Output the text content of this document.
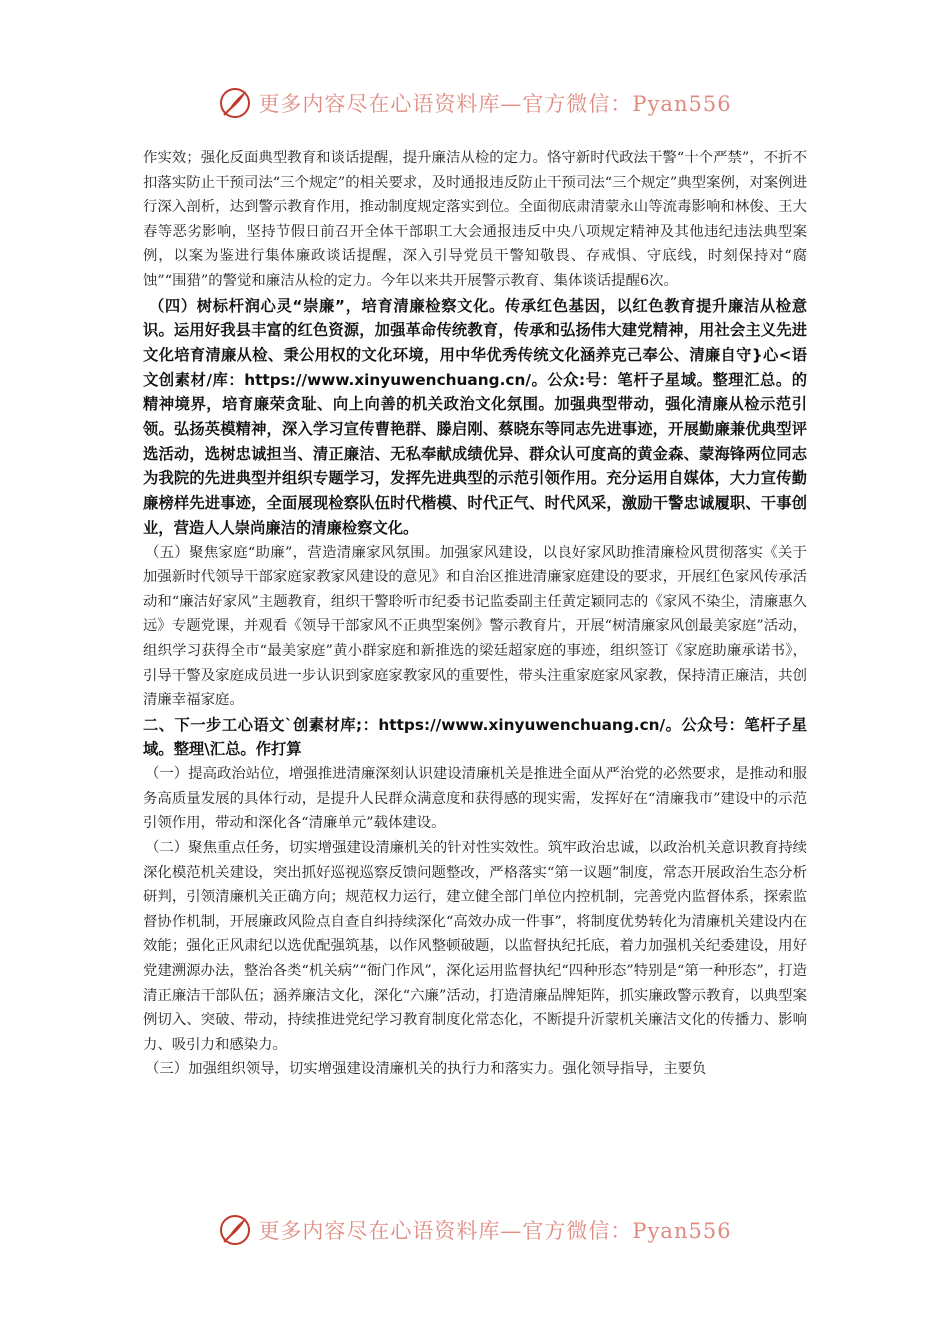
更多内容尽在心语资料库—官方微信：Pyan556

作实效；强化反面典型教育和谈话提醒，提升廉洁从检的定力。恪守新时代政法干警“十个严禁”，不折不扣落实防止干预司法“三个规定”的相关要求，及时通报违反防止干预司法“三个规定”典型案例，对案例进行深入剖析，达到警示教育作用，推动制度规定落实到位。全面彻底肃清蒙永山等流毒影响和林俊、王大春等恶劣影响，坚持节假日前召开全体干部职工大会通报违反中央八项规定精神及其他违纪违法典型案例，以案为鉴进行集体廉政谈话提醒，深入引导党员干警知敬畏、存戒惧、守底线，时刻保持对“腐蚀”“围猎”的警觉和廉洁从检的定力。今年以来共开展警示教育、集体谈话提醒6次。

（四）树标杆润心灵“崇廉”，培育清廉检察文化。传承红色基因，以红色教育提升廉洁从检意识。运用好我县丰富的红色资源，加强革命传统教育，传承和弘扬伟大建党精神，用社会主义先进文化培育清廉从检、秉公用权的文化环境，用中华优秀传统文化涵养克己奉公、清廉自守}心<语文创素材/库：https://www.xinyuwenchuang.cn/。公众:号：笔杆子星域。整理汇总。的精神境界，培育廉荣贪耻、向上向善的机关政治文化氛围。加强典型带动，强化清廉从检示范引领。弘扬英模精神，深入学习宣传曹艳群、滕启刚、蔡晓东等同志先进事迹，开展勤廉兼优典型评选活动，选树忠诚担当、清正廉洁、无私奉献成绩优异、群众认可度高的黄金森、蒙海锋两位同志为我院的先进典型并组织专题学习，发挥先进典型的示范引领作用。充分运用自媒体，大力宣传勤廉榜样先进事迹，全面展现检察队伍时代楷模、时代正气、时代风采，激励干警忠诚履职、干事创业，营造人人崇尚廉洁的清廉检察文化。

（五）聚焦家庭“助廉”，营造清廉家风氛围。加强家风建设，以良好家风助推清廉检风贯彻落实《关于加强新时代领导干部家庭家教家风建设的意见》和自治区推进清廉家庭建设的要求，开展红色家风传承活动和“廉洁好家风”主题教育，组织干警聆听市纪委书记监委副主任黄定颖同志的《家风不染尘，清廉惠久远》专题党课，并观看《领导干部家风不正典型案例》警示教育片，开展“树清廉家风创最美家庭”活动，组织学习获得全市“最美家庭”黄小群家庭和新推选的梁廷超家庭的事迹，组织签订《家庭助廉承诺书》，引导干警及家庭成员进一步认识到家庭家教家风的重要性，带头注重家庭家风家教，保持清正廉洁，共创清廉幸福家庭。

二、下一步工心语文`创素材库;：https://www.xinyuwenchuang.cn/。公众号：笔杆子星域。整理\汇总。作打算

（一）提高政治站位，增强推进清廉深刻认识建设清廉机关是推进全面从严治党的必然要求，是推动和服务高质量发展的具体行动，是提升人民群众满意度和获得感的现实需，发挥好在“清廉我市”建设中的示范引领作用，带动和深化各“清廉单元”载体建设。

（二）聚焦重点任务，切实增强建设清廉机关的针对性实效性。筑牢政治忠诚，以政治机关意识教育持续深化模范机关建设，突出抓好巡视巡察反馈问题整改，严格落实“第一议题”制度，常态开展政治生态分析研判，引领清廉机关正确方向；规范权力运行，建立健全部门单位内控机制，完善党内监督体系，探索监督协作机制，开展廉政风险点自查自纠持续深化“高效办成一件事”，将制度优势转化为清廉机关建设内在效能；强化正风肃纪以选优配强筑基，以作风整顿破题，以监督执纪托底，着力加强机关纪委建设，用好党建溯源办法，整治各类“机关病”“衙门作风”，深化运用监督执纪“四种形态”特别是“第一种形态”，打造清正廉洁干部队伍；涵养廉洁文化，深化“六廉”活动，打造清廉品牌矩阵，抓实廉政警示教育，以典型案例切入、突破、带动，持续推进党纪学习教育制度化常态化，不断提升沂蒙机关廉洁文化的传播力、影响力、吸引力和感染力。

（三）加强组织领导，切实增强建设清廉机关的执行力和落实力。强化领导指导，主要负

更多内容尽在心语资料库—官方微信：Pyan556
